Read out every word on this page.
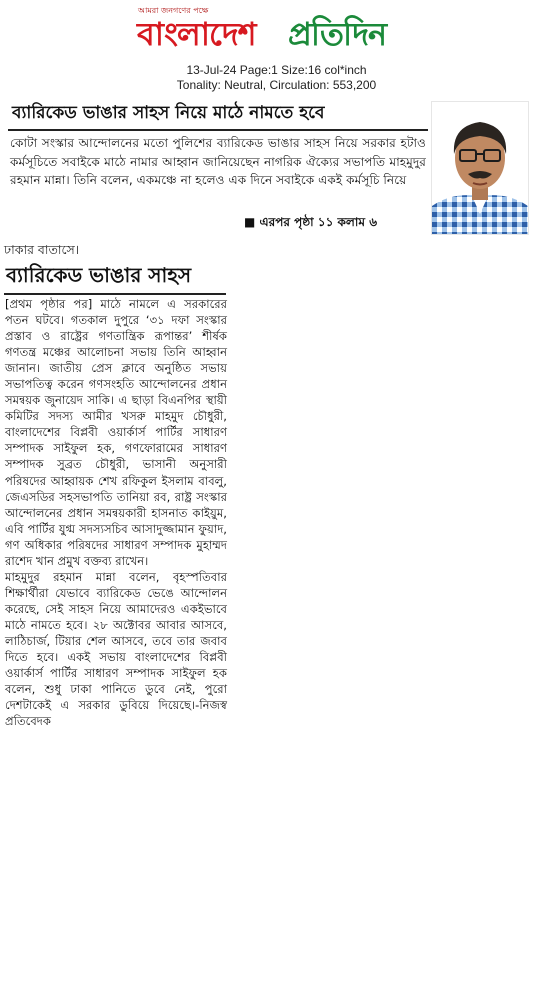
আমরা জনগণের পক্ষে
বাংলাদেশ প্রতিদিন
13-Jul-24 Page:1 Size:16 col*inch
Tonality: Neutral, Circulation: 553,200
ব্যারিকেড ভাঙার সাহস নিয়ে মাঠে নামতে হবে

কোটা সংস্কার আন্দোলনের মতো পুলিশের ব্যারিকেড ভাঙার সাহস নিয়ে সরকার হটাও কর্মসূচিতে সবাইকে মাঠে নামার আহ্বান জানিয়েছেন নাগরিক ঐক্যের সভাপতি মাহমুদুর রহমান মান্না। তিনি বলেন, একমঞ্চে না হলেও এক দিনে সবাইকে একই কর্মসূচি নিয়ে

■ এরপর পৃষ্ঠা ১১ কলাম ৬
ঢাকার বাতাসে।
ব্যারিকেড ভাঙার সাহস

[প্রথম পৃষ্ঠার পর] মাঠে নামলে এ সরকারের পতন ঘটবে। গতকাল দুপুরে ‘৩১ দফা সংস্কার প্রস্তাব ও রাষ্ট্রের গণতান্ত্রিক রূপান্তর’ শীর্ষক গণতন্ত্র মঞ্চের আলোচনা সভায় তিনি আহ্বান জানান। জাতীয় প্রেস ক্লাবে অনুষ্ঠিত সভায় সভাপতিত্ব করেন গণসংহতি আন্দোলনের প্রধান সমন্বয়ক জুনায়েদ সাকি। এ ছাড়া বিএনপির স্থায়ী কমিটির সদস্য আমীর খসরু মাহমুদ চৌধুরী, বাংলাদেশের বিপ্লবী ওয়ার্কার্স পার্টির সাধারণ সম্পাদক সাইফুল হক, গণফোরামের সাধারণ সম্পাদক সুব্রত চৌধুরী, ভাসানী অনুসারী পরিষদের আহ্বায়ক শেখ রফিকুল ইসলাম বাবলু, জেএসডির সহসভাপতি তানিয়া রব, রাষ্ট্র সংস্কার আন্দোলনের প্রধান সমন্বয়কারী হাসনাত কাইয়ুম, এবি পার্টির যুগ্ম সদস্যসচিব আসাদুজ্জামান ফুয়াদ, গণ অধিকার পরিষদের সাধারণ সম্পাদক মুহাম্মদ রাশেদ খান প্রমুখ বক্তব্য রাখেন।

মাহমুদুর রহমান মান্না বলেন, বৃহস্পতিবার শিক্ষার্থীরা যেভাবে ব্যারিকেড ভেঙে আন্দোলন করেছে, সেই সাহস নিয়ে আমাদেরও একইভাবে মাঠে নামতে হবে। ২৮ অক্টোবর আবার আসবে, লাঠিচার্জ, টিয়ার শেল আসবে, তবে তার জবাব দিতে হবে। একই সভায় বাংলাদেশের বিপ্লবী ওয়ার্কার্স পার্টির সাধারণ সম্পাদক সাইফুল হক বলেন, শুধু ঢাকা পানিতে ডুবে নেই, পুরো দেশটাকেই এ সরকার ডুবিয়ে দিয়েছে।-নিজস্ব প্রতিবেদক
